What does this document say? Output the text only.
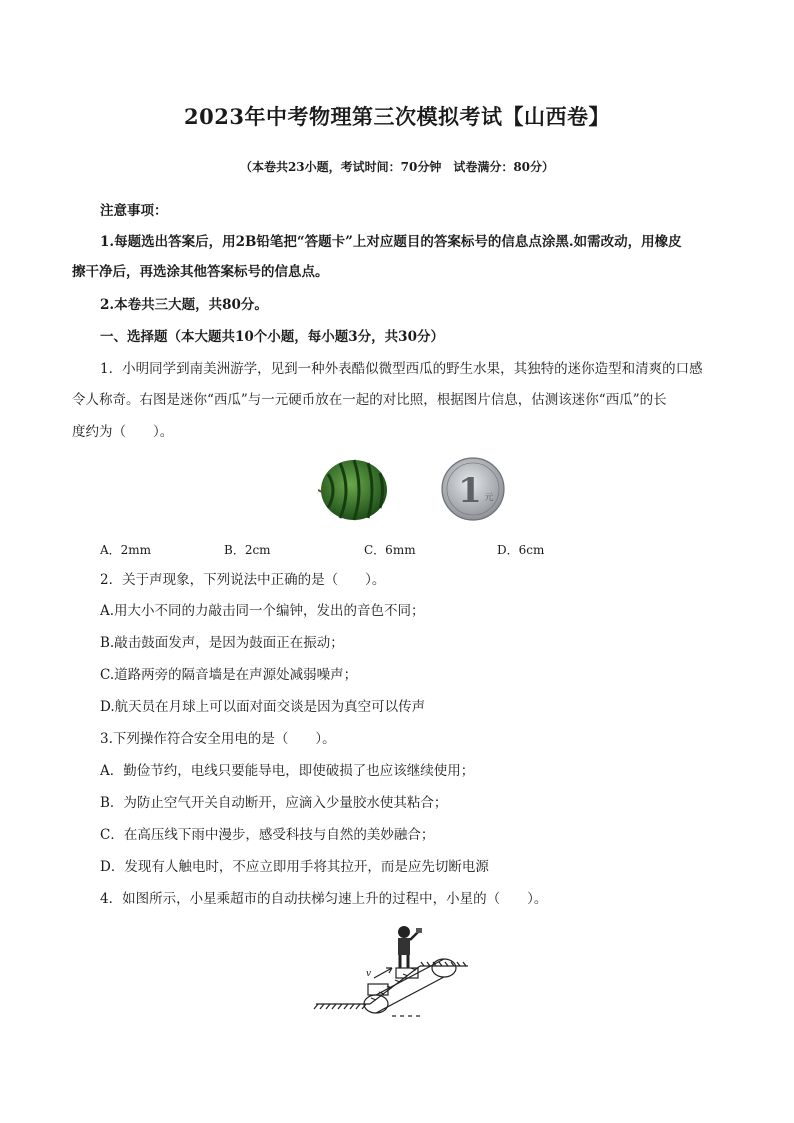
2023年中考物理第三次模拟考试【山西卷】
（本卷共23小题，考试时间：70分钟　试卷满分：80分）
注意事项：
1.每题选出答案后，用2B铅笔把“答题卡”上对应题目的答案标号的信息点涂黑.如需改动，用橡皮
擦干净后，再选涂其他答案标号的信息点。
2.本卷共三大题，共80分。
一、选择题（本大题共10个小题，每小题3分，共30分）
1．小明同学到南美洲游学，见到一种外表酷似微型西瓜的野生水果，其独特的迷你造型和清爽的口感
令人称奇。右图是迷你“西瓜”与一元硬币放在一起的对比照，根据图片信息，估测该迷你“西瓜”的长
度约为（　　）。
1 元
A．2mm	B．2cm	C．6mm	D．6cm
2．关于声现象，下列说法中正确的是（　　）。
A.用大小不同的力敲击同一个编钟，发出的音色不同；
B.敲击鼓面发声，是因为鼓面正在振动；
C.道路两旁的隔音墙是在声源处减弱噪声；
D.航天员在月球上可以面对面交谈是因为真空可以传声
3.下列操作符合安全用电的是（　　）。
A．勤俭节约，电线只要能导电，即使破损了也应该继续使用；
B．为防止空气开关自动断开，应滴入少量胶水使其粘合；
C．在高压线下雨中漫步，感受科技与自然的美妙融合；
D．发现有人触电时，不应立即用手将其拉开，而是应先切断电源
4．如图所示，小星乘超市的自动扶梯匀速上升的过程中，小星的（　　）。
v
